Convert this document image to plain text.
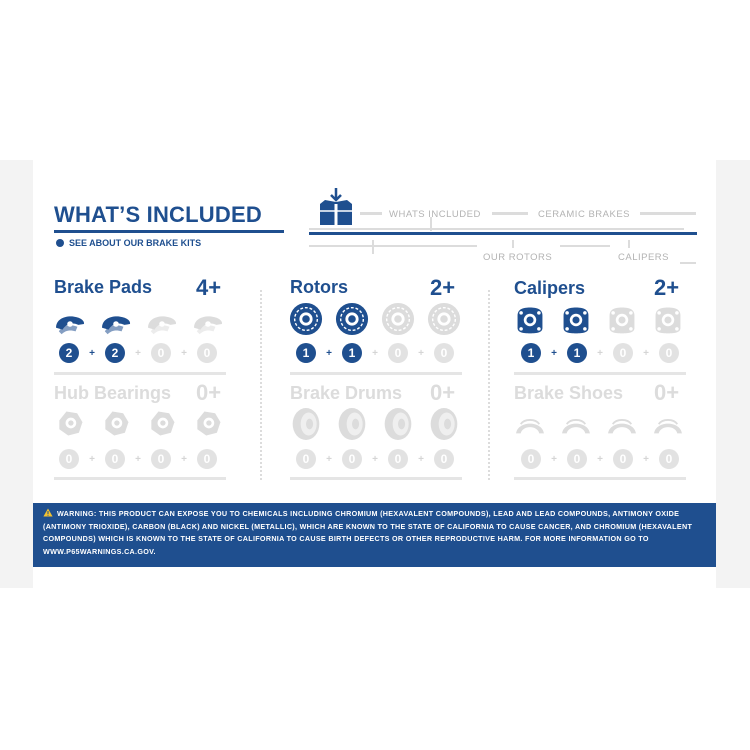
WHAT’S INCLUDED
SEE ABOUT OUR BRAKE KITS
WHATS INCLUDED	CERAMIC BRAKES
OUR ROTORS	CALIPERS
Brake Pads 4+
2	+	2	+	0	+	0
Rotors	2+
1	+	1	+	0	+	0
Calipers	2+
1	+	1	+	0	+	0
Hub Bearings 0+
0	+	0	+	0	+	0
Brake Drums 0+
0	+	0	+	0	+	0
Brake Shoes 0+
0	+	0	+	0	+	0
WARNING: THIS PRODUCT CAN EXPOSE YOU TO CHEMICALS INCLUDING CHROMIUM (HEXAVALENT COMPOUNDS), LEAD AND LEAD COMPOUNDS, ANTIMONY OXIDE (ANTIMONY TRIOXIDE), CARBON (BLACK) AND NICKEL (METALLIC), WHICH ARE KNOWN TO THE STATE OF CALIFORNIA TO CAUSE CANCER, AND CHROMIUM (HEXAVALENT COMPOUNDS) WHICH IS KNOWN TO THE STATE OF CALIFORNIA TO CAUSE BIRTH DEFECTS OR OTHER REPRODUCTIVE HARM. FOR MORE INFORMATION GO TO WWW.P65WARNINGS.CA.GOV.
